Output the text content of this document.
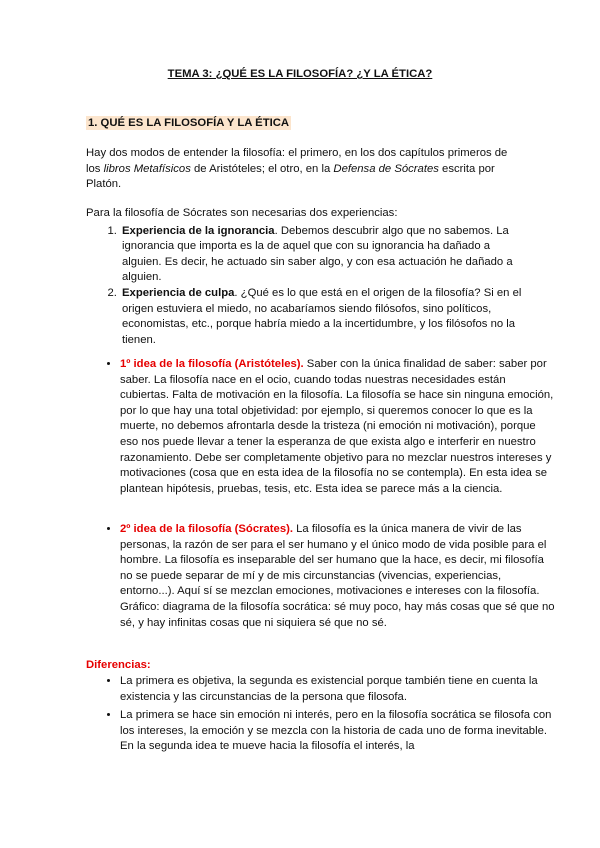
TEMA 3: ¿QUÉ ES LA FILOSOFÍA? ¿Y LA ÉTICA?
1. QUÉ ES LA FILOSOFÍA Y LA ÉTICA
Hay dos modos de entender la filosofía: el primero, en los dos capítulos primeros de los libros Metafísicos de Aristóteles; el otro, en la Defensa de Sócrates escrita por Platón.
Para la filosofía de Sócrates son necesarias dos experiencias:
1. Experiencia de la ignorancia. Debemos descubrir algo que no sabemos. La ignorancia que importa es la de aquel que con su ignorancia ha dañado a alguien. Es decir, he actuado sin saber algo, y con esa actuación he dañado a alguien.
2. Experiencia de culpa. ¿Qué es lo que está en el origen de la filosofía? Si en el origen estuviera el miedo, no acabaríamos siendo filósofos, sino políticos, economistas, etc., porque habría miedo a la incertidumbre, y los filósofos no la tienen.
• 1º idea de la filosofía (Aristóteles). Saber con la única finalidad de saber: saber por saber. La filosofía nace en el ocio, cuando todas nuestras necesidades están cubiertas. Falta de motivación en la filosofía. La filosofía se hace sin ninguna emoción, por lo que hay una total objetividad: por ejemplo, si queremos conocer lo que es la muerte, no debemos afrontarla desde la tristeza (ni emoción ni motivación), porque eso nos puede llevar a tener la esperanza de que exista algo e interferir en nuestro razonamiento. Debe ser completamente objetivo para no mezclar nuestros intereses y motivaciones (cosa que en esta idea de la filosofía no se contempla). En esta idea se plantean hipótesis, pruebas, tesis, etc. Esta idea se parece más a la ciencia.
• 2º idea de la filosofía (Sócrates). La filosofía es la única manera de vivir de las personas, la razón de ser para el ser humano y el único modo de vida posible para el hombre. La filosofía es inseparable del ser humano que la hace, es decir, mi filosofía no se puede separar de mí y de mis circunstancias (vivencias, experiencias, entorno...). Aquí sí se mezclan emociones, motivaciones e intereses con la filosofía.
Gráfico: diagrama de la filosofía socrática: sé muy poco, hay más cosas que sé que no sé, y hay infinitas cosas que ni siquiera sé que no sé.
Diferencias:
• La primera es objetiva, la segunda es existencial porque también tiene en cuenta la existencia y las circunstancias de la persona que filosofa.
• La primera se hace sin emoción ni interés, pero en la filosofía socrática se filosofa con los intereses, la emoción y se mezcla con la historia de cada uno de forma inevitable. En la segunda idea te mueve hacia la filosofía el interés, la
